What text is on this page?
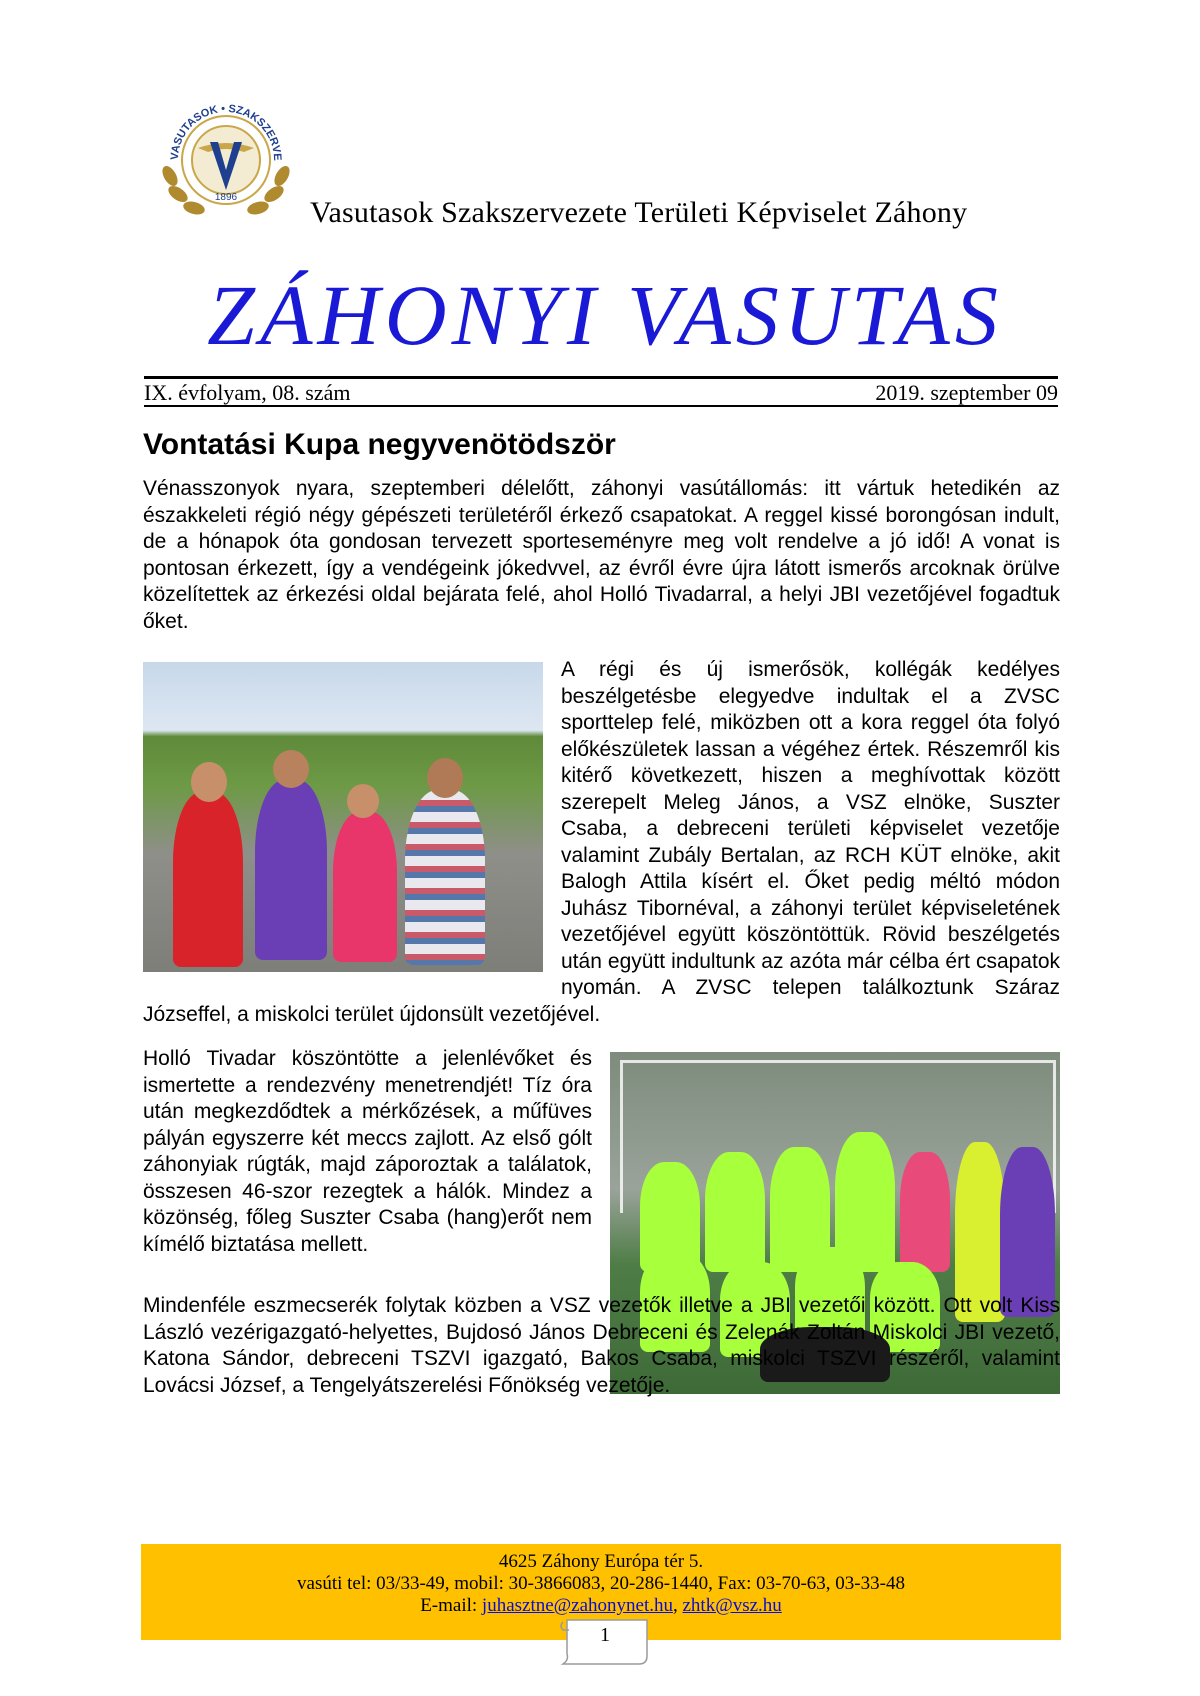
VASUTASOK • SZAKSZERVE
1896 Vasutasok Szakszervezete Területi Képviselet Záhony
ZÁHONYI VASUTAS
IX. évfolyam, 08. szám	2019. szeptember 09
Vontatási Kupa negyvenötödször
Vénasszonyok nyara, szeptemberi délelőtt, záhonyi vasútállomás: itt vártuk hetedikén az északkeleti régió négy gépészeti területéről érkező csapatokat. A reggel kissé borongósan indult, de a hónapok óta gondosan tervezett sporteseményre meg volt rendelve a jó idő! A vonat is pontosan érkezett, így a vendégeink jókedvvel, az évről évre újra látott ismerős arcoknak örülve közelítettek az érkezési oldal bejárata felé, ahol Holló Tivadarral, a helyi JBI vezetőjével fogadtuk őket.
A régi és új ismerősök, kollégák kedélyes beszélgetésbe elegyedve indultak el a ZVSC sporttelep felé, miközben ott a kora reggel óta folyó előkészületek lassan a végéhez értek. Részemről kis kitérő következett, hiszen a meghívottak között szerepelt Meleg János, a VSZ elnöke, Suszter Csaba, a debreceni területi képviselet vezetője valamint Zubály Bertalan, az RCH KÜT elnöke, akit Balogh Attila kísért el. Őket pedig méltó módon Juhász Tibornéval, a záhonyi terület képviseletének vezetőjével együtt köszöntöttük. Rövid beszélgetés után együtt indultunk az azóta már célba ért csapatok nyomán. A ZVSC telepen találkoztunk Száraz Józseffel, a miskolci terület újdonsült vezetőjével.
Holló Tivadar köszöntötte a jelenlévőket és ismertette a rendezvény menetrendjét! Tíz óra után megkezdődtek a mérkőzések, a műfüves pályán egyszerre két meccs zajlott. Az első gólt záhonyiak rúgták, majd záporoztak a találatok, összesen 46-szor rezegtek a hálók. Mindez a közönség, főleg Suszter Csaba (hang)erőt nem kímélő biztatása mellett.
Mindenféle eszmecserék folytak közben a VSZ vezetők illetve a JBI vezetői között. Ott volt Kiss László vezérigazgató-helyettes, Bujdosó János Debreceni és Zelenák Zoltán Miskolci JBI vezető, Katona Sándor, debreceni TSZVI igazgató, Bakos Csaba, miskolci TSZVI részéről, valamint Lovácsi József, a Tengelyátszerelési Főnökség vezetője.
4625 Záhony Európa tér 5.
vasúti tel: 03/33-49, mobil: 30-3866083, 20-286-1440, Fax: 03-70-63, 03-33-48
E-mail: juhasztne@zahonynet.hu, zhtk@vsz.hu
1
